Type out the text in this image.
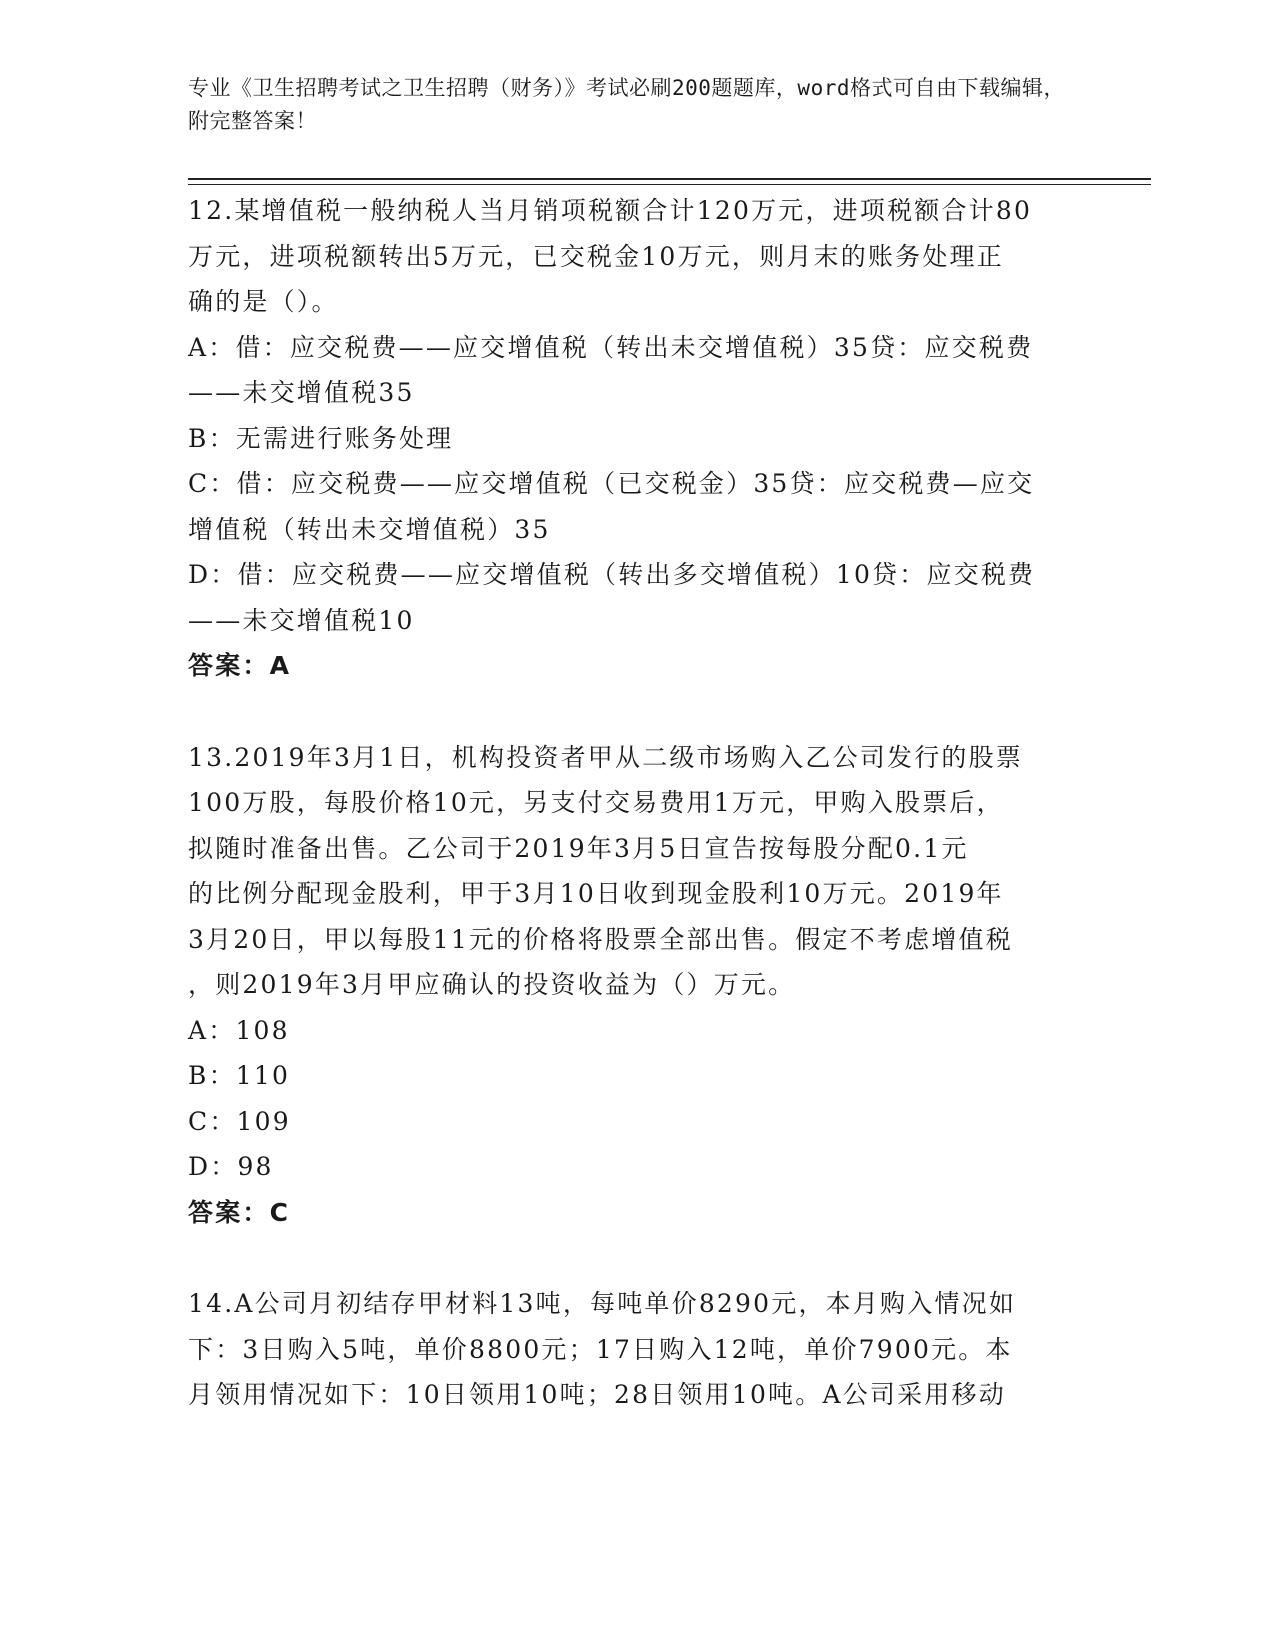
专业《卫生招聘考试之卫生招聘（财务）》考试必刷200题题库，word格式可自由下载编辑，附完整答案！

12.某增值税一般纳税人当月销项税额合计120万元，进项税额合计80

万元，进项税额转出5万元，已交税金10万元，则月末的账务处理正

确的是（）。

A：借：应交税费——应交增值税（转出未交增值税）35贷：应交税费

——未交增值税35

B：无需进行账务处理

C：借：应交税费——应交增值税（已交税金）35贷：应交税费—应交

增值税（转出未交增值税）35

D：借：应交税费——应交增值税（转出多交增值税）10贷：应交税费

——未交增值税10

答案：A

13.2019年3月1日，机构投资者甲从二级市场购入乙公司发行的股票

100万股，每股价格10元，另支付交易费用1万元，甲购入股票后，

拟随时准备出售。乙公司于2019年3月5日宣告按每股分配0.1元

的比例分配现金股利，甲于3月10日收到现金股利10万元。2019年

3月20日，甲以每股11元的价格将股票全部出售。假定不考虑增值税

，则2019年3月甲应确认的投资收益为（）万元。

A：108

B：110

C：109

D：98

答案：C

14.A公司月初结存甲材料13吨，每吨单价8290元，本月购入情况如

下：3日购入5吨，单价8800元；17日购入12吨，单价7900元。本

月领用情况如下：10日领用10吨；28日领用10吨。A公司采用移动
